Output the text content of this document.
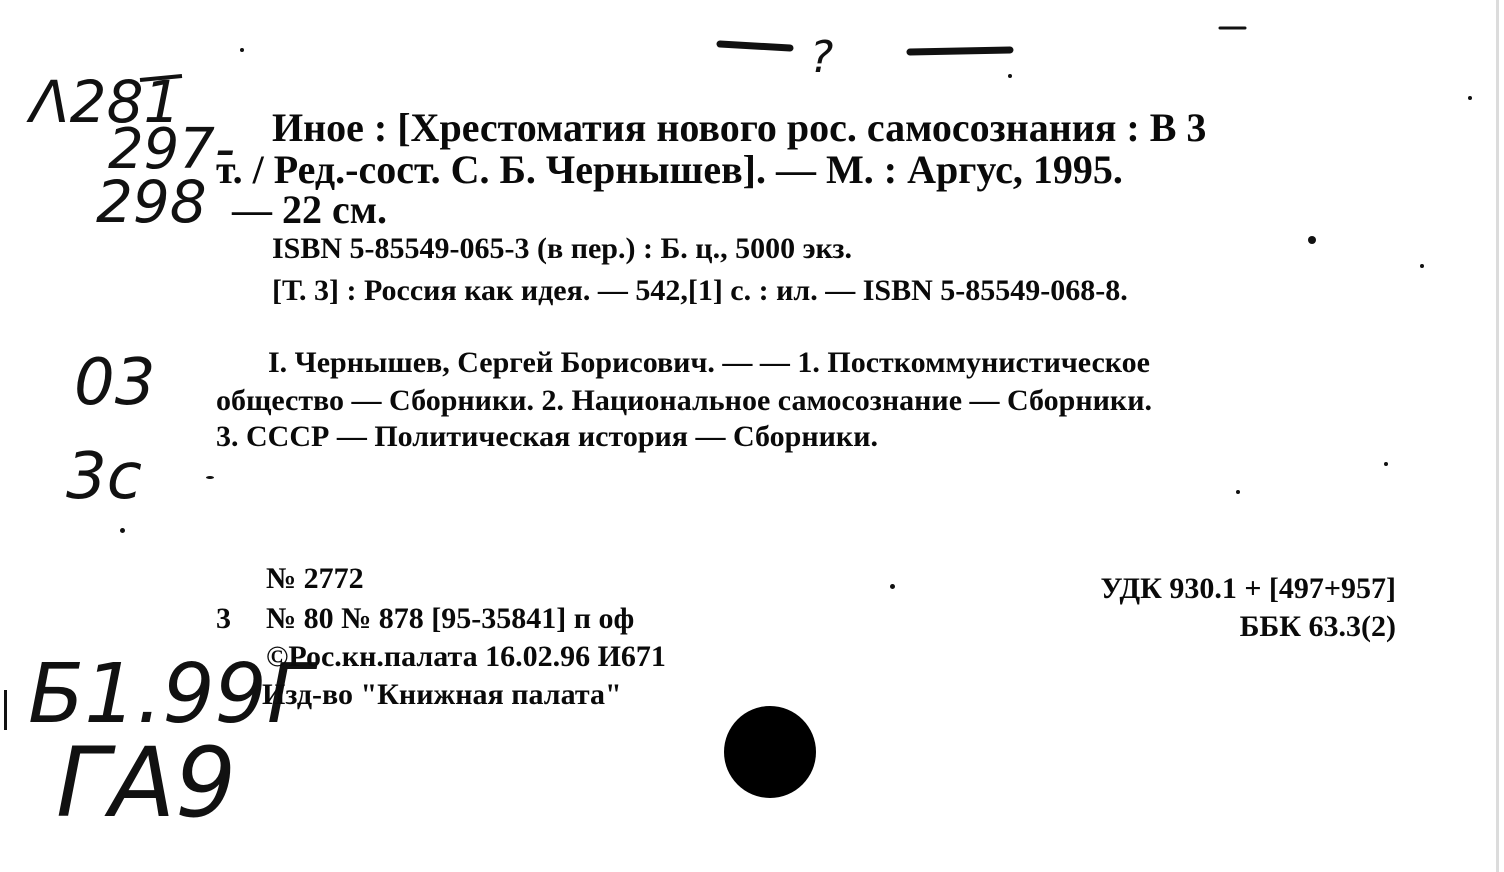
?
Λ281
297-
298
03
3c
Б1.99Г
ГА9
Иное : [Хрестоматия нового рос. самосознания : В 3
т. / Ред.-сост. С. Б. Чернышев]. — М. : Аргус, 1995.
— 22 см.
ISBN 5-85549-065-3 (в пер.) : Б. ц., 5000 экз.
[Т. 3] : Россия как идея. — 542,[1] с. : ил. — ISBN 5-85549-068-8.
I. Чернышев, Сергей Борисович. — — 1. Посткоммунистическое
общество — Сборники. 2. Национальное самосознание — Сборники.
3. СССР — Политическая история — Сборники.
№ 2772
3 № 80 № 878 [95-35841] п оф
©Рос.кн.палата 16.02.96 И671
Изд-во "Книжная палата"
УДК 930.1 + [497+957]
ББК 63.3(2)
